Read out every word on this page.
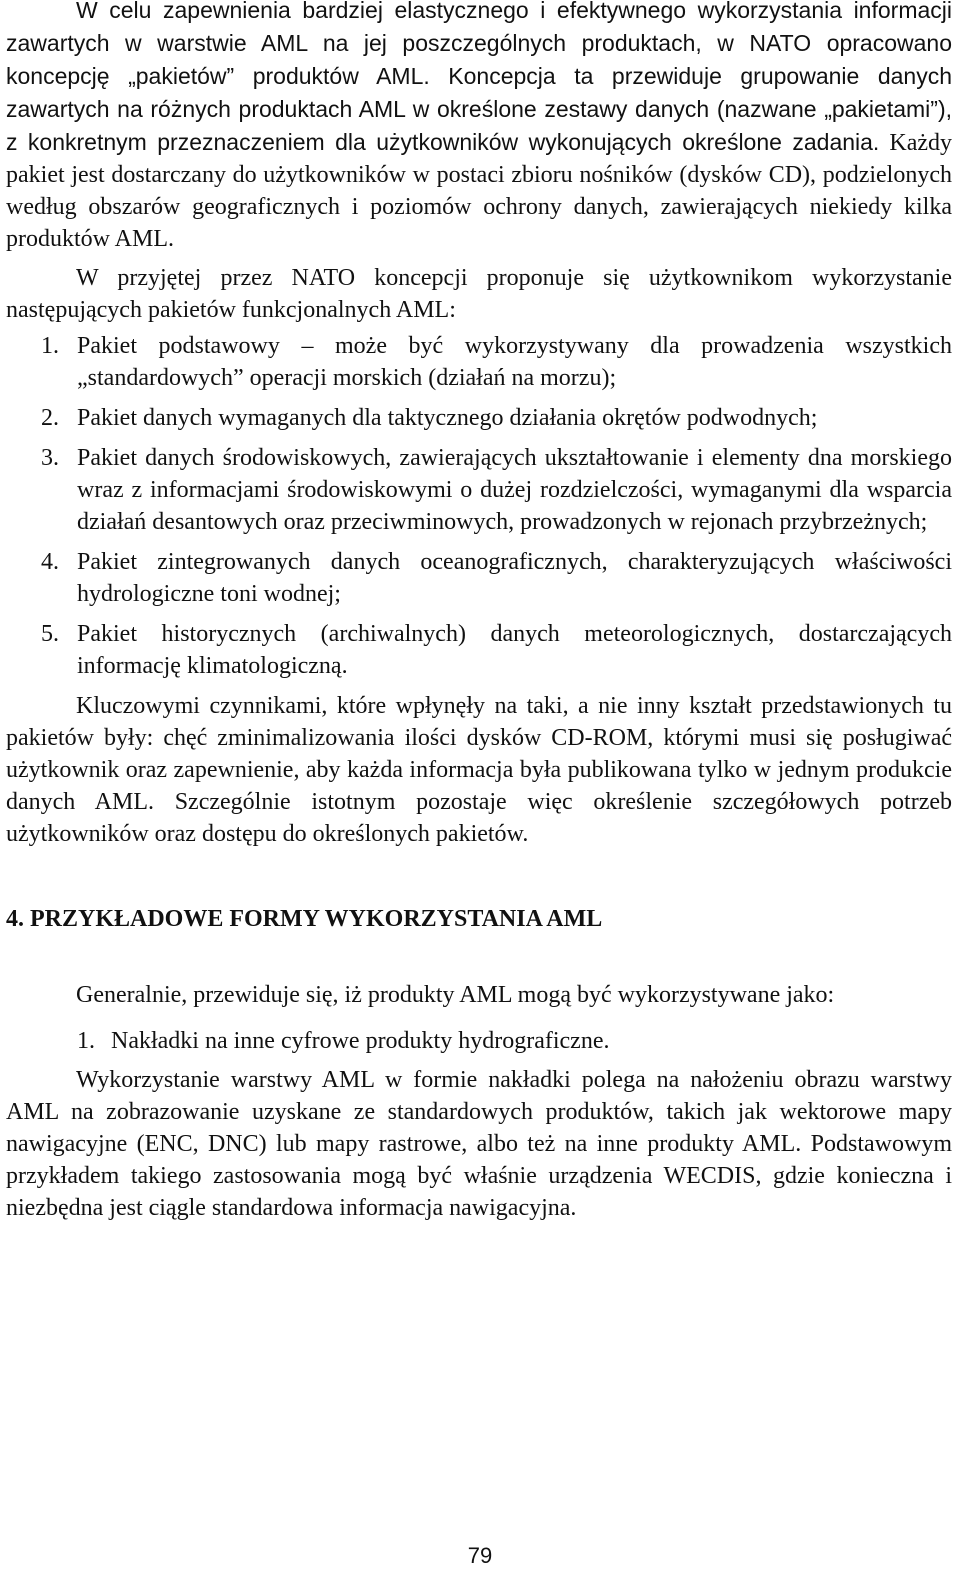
W celu zapewnienia bardziej elastycznego i efektywnego wykorzystania informacji zawartych w warstwie AML na jej poszczególnych produktach, w NATO opracowano koncepcję „pakietów” produktów AML. Koncepcja ta przewiduje grupowanie danych zawartych na różnych produktach AML w określone zestawy danych (nazwane „pakietami”), z konkretnym przeznaczeniem dla użytkowników wykonujących określone zadania. Każdy pakiet jest dostarczany do użytkowników w postaci zbioru nośników (dysków CD), podzielonych według obszarów geograficznych i poziomów ochrony danych, zawierających niekiedy kilka produktów AML.

W przyjętej przez NATO koncepcji proponuje się użytkownikom wykorzystanie następujących pakietów funkcjonalnych AML:

1. Pakiet podstawowy – może być wykorzystywany dla prowadzenia wszystkich „standardowych” operacji morskich (działań na morzu);
2. Pakiet danych wymaganych dla taktycznego działania okrętów podwodnych;
3. Pakiet danych środowiskowych, zawierających ukształtowanie i elementy dna morskiego wraz z informacjami środowiskowymi o dużej rozdzielczości, wymaganymi dla wsparcia działań desantowych oraz przeciwminowych, prowadzonych w rejonach przybrzeżnych;
4. Pakiet zintegrowanych danych oceanograficznych, charakteryzujących właściwości hydrologiczne toni wodnej;
5. Pakiet historycznych (archiwalnych) danych meteorologicznych, dostarczających informację klimatologiczną.

Kluczowymi czynnikami, które wpłynęły na taki, a nie inny kształt przedstawionych tu pakietów były: chęć zminimalizowania ilości dysków CD-ROM, którymi musi się posługiwać użytkownik oraz zapewnienie, aby każda informacja była publikowana tylko w jednym produkcie danych AML. Szczególnie istotnym pozostaje więc określenie szczegółowych potrzeb użytkowników oraz dostępu do określonych pakietów.

4. PRZYKŁADOWE FORMY WYKORZYSTANIA AML

Generalnie, przewiduje się, iż produkty AML mogą być wykorzystywane jako:

1. Nakładki na inne cyfrowe produkty hydrograficzne.

Wykorzystanie warstwy AML w formie nakładki polega na nałożeniu obrazu warstwy AML na zobrazowanie uzyskane ze standardowych produktów, takich jak wektorowe mapy nawigacyjne (ENC, DNC) lub mapy rastrowe, albo też na inne produkty AML. Podstawowym przykładem takiego zastosowania mogą być właśnie urządzenia WECDIS, gdzie konieczna i niezbędna jest ciągle standardowa informacja nawigacyjna.

79
